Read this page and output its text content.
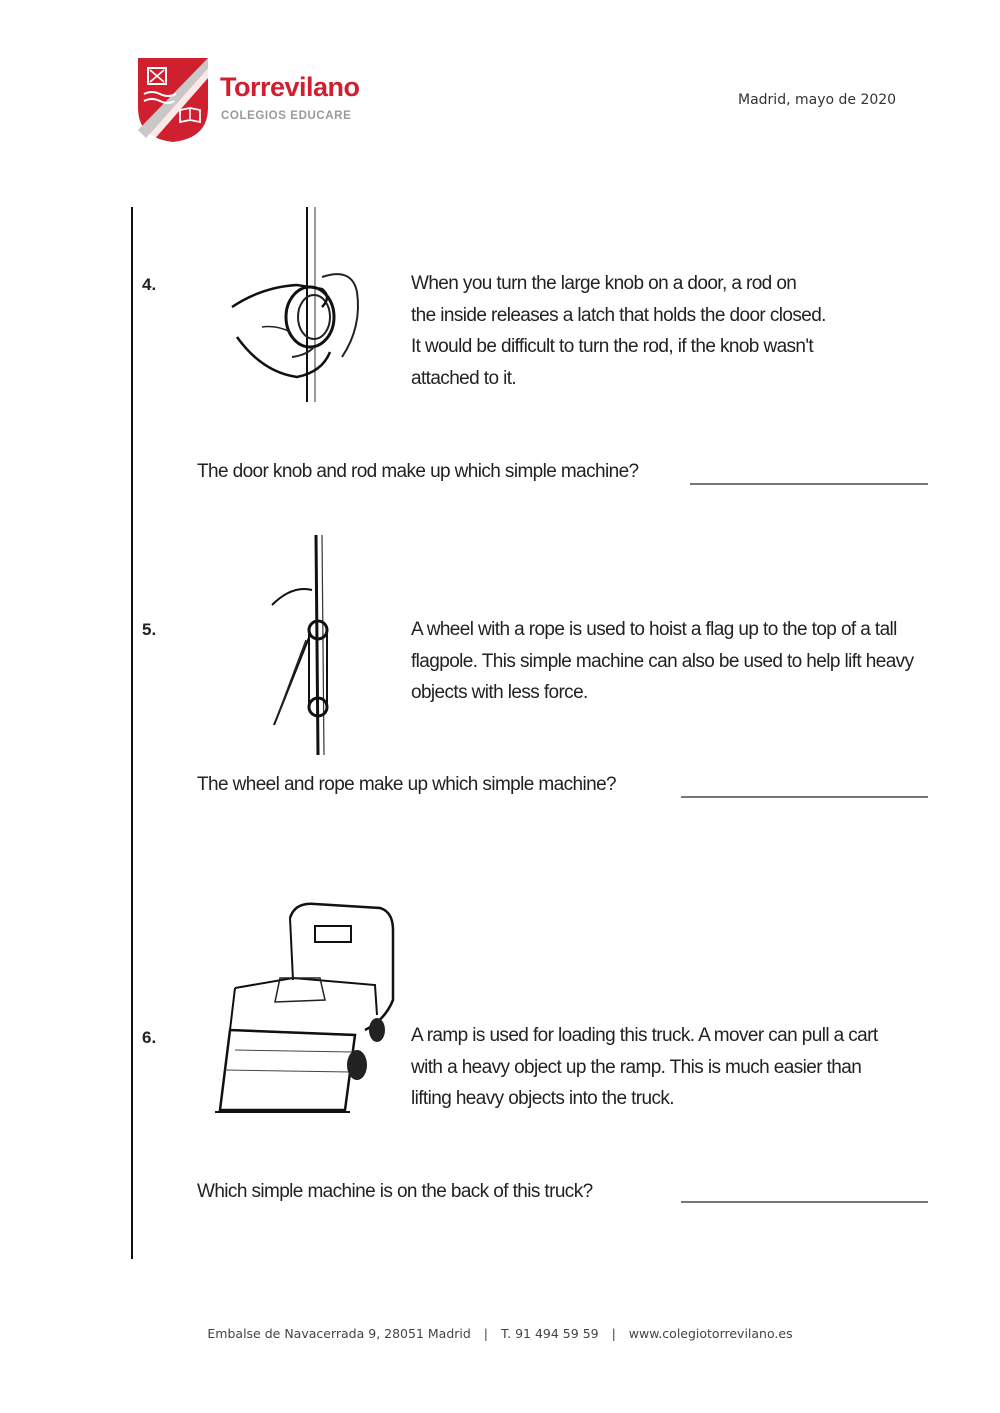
Torrevilano
COLEGIOS EDUCARE
Madrid, mayo de 2020
4.	When you turn the large knob on a door, a rod on
the inside releases a latch that holds the door closed.
It would be difficult to turn the rod, if the knob wasn't
attached to it.
The door knob and rod make up which simple machine?
5.	A wheel with a rope is used to hoist a flag up to the top of a tall
flagpole. This simple machine can also be used to help lift heavy
objects with less force.
The wheel and rope make up which simple machine?
6.	A ramp is used for loading this truck. A mover can pull a cart
with a heavy object up the ramp. This is much easier than
lifting heavy objects into the truck.
Which simple machine is on the back of this truck?
Embalse de Navacerrada 9, 28051 Madrid | T. 91 494 59 59 | www.colegiotorrevilano.es
